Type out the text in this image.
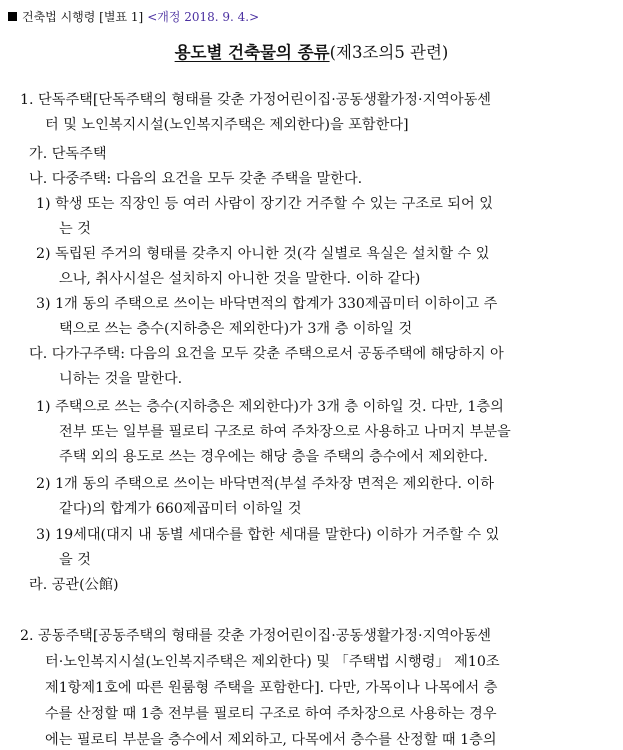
건축법 시행령 [별표 1] <개정 2018. 9. 4.>
용도별 건축물의 종류(제3조의5 관련)
1. 단독주택[단독주택의 형태를 갖춘 가정어린이집·공동생활가정·지역아동센
터 및 노인복지시설(노인복지주택은 제외한다)을 포함한다]
가. 단독주택
나. 다중주택: 다음의 요건을 모두 갖춘 주택을 말한다.
1) 학생 또는 직장인 등 여러 사람이 장기간 거주할 수 있는 구조로 되어 있
는 것
2) 독립된 주거의 형태를 갖추지 아니한 것(각 실별로 욕실은 설치할 수 있
으나, 취사시설은 설치하지 아니한 것을 말한다. 이하 같다)
3) 1개 동의 주택으로 쓰이는 바닥면적의 합계가 330제곱미터 이하이고 주
택으로 쓰는 층수(지하층은 제외한다)가 3개 층 이하일 것
다. 다가구주택: 다음의 요건을 모두 갖춘 주택으로서 공동주택에 해당하지 아
니하는 것을 말한다.
1) 주택으로 쓰는 층수(지하층은 제외한다)가 3개 층 이하일 것. 다만, 1층의
전부 또는 일부를 필로티 구조로 하여 주차장으로 사용하고 나머지 부분을
주택 외의 용도로 쓰는 경우에는 해당 층을 주택의 층수에서 제외한다.
2) 1개 동의 주택으로 쓰이는 바닥면적(부설 주차장 면적은 제외한다. 이하
같다)의 합계가 660제곱미터 이하일 것
3) 19세대(대지 내 동별 세대수를 합한 세대를 말한다) 이하가 거주할 수 있
을 것
라. 공관(公館)
2. 공동주택[공동주택의 형태를 갖춘 가정어린이집·공동생활가정·지역아동센
터·노인복지시설(노인복지주택은 제외한다) 및 「주택법 시행령」 제10조
제1항제1호에 따른 원룸형 주택을 포함한다]. 다만, 가목이나 나목에서 층
수를 산정할 때 1층 전부를 필로티 구조로 하여 주차장으로 사용하는 경우
에는 필로티 부분을 층수에서 제외하고, 다목에서 층수를 산정할 때 1층의
